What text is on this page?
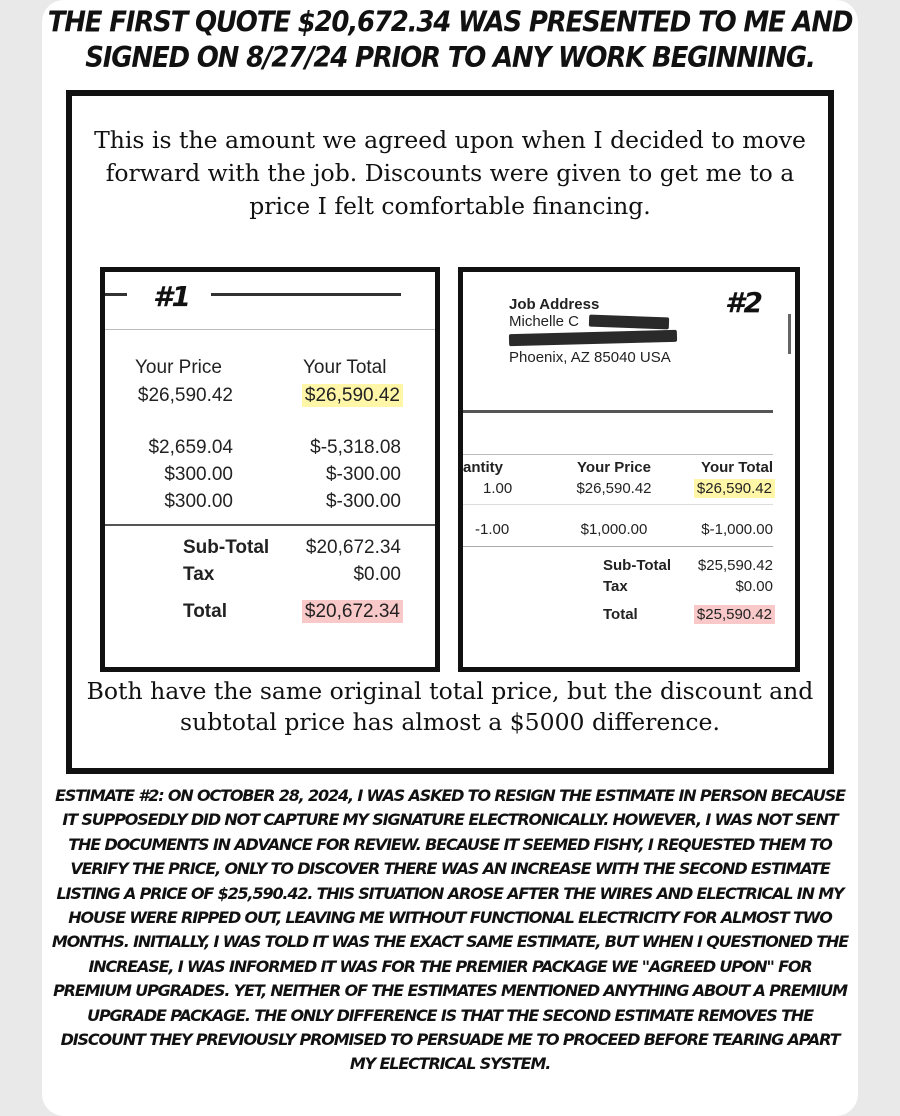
THE FIRST QUOTE $20,672.34 WAS PRESENTED TO ME AND SIGNED ON 8/27/24 PRIOR TO ANY WORK BEGINNING.
This is the amount we agreed upon when I decided to move forward with the job. Discounts were given to get me to a price I felt comfortable financing.
#1
Your Price	Your Total
$26,590.42	$26,590.42
$2,659.04	$-5,318.08
$300.00	$-300.00
$300.00	$-300.00
Sub-Total	$20,672.34
Tax	$0.00
Total	$20,672.34
Job Address
Michelle C
Phoenix, AZ 85040 USA
#2
antity	Your Price	Your Total
1.00	$26,590.42	$26,590.42
-1.00	$1,000.00	$-1,000.00
Sub-Total	$25,590.42
Tax	$0.00
Total	$25,590.42
Both have the same original total price, but the discount and subtotal price has almost a $5000 difference.
ESTIMATE #2: ON OCTOBER 28, 2024, I WAS ASKED TO RESIGN THE ESTIMATE IN PERSON BECAUSE IT SUPPOSEDLY DID NOT CAPTURE MY SIGNATURE ELECTRONICALLY. HOWEVER, I WAS NOT SENT THE DOCUMENTS IN ADVANCE FOR REVIEW. BECAUSE IT SEEMED FISHY, I REQUESTED THEM TO VERIFY THE PRICE, ONLY TO DISCOVER THERE WAS AN INCREASE WITH THE SECOND ESTIMATE LISTING A PRICE OF $25,590.42. THIS SITUATION AROSE AFTER THE WIRES AND ELECTRICAL IN MY HOUSE WERE RIPPED OUT, LEAVING ME WITHOUT FUNCTIONAL ELECTRICITY FOR ALMOST TWO MONTHS. INITIALLY, I WAS TOLD IT WAS THE EXACT SAME ESTIMATE, BUT WHEN I QUESTIONED THE INCREASE, I WAS INFORMED IT WAS FOR THE PREMIER PACKAGE WE "AGREED UPON" FOR PREMIUM UPGRADES. YET, NEITHER OF THE ESTIMATES MENTIONED ANYTHING ABOUT A PREMIUM UPGRADE PACKAGE. THE ONLY DIFFERENCE IS THAT THE SECOND ESTIMATE REMOVES THE DISCOUNT THEY PREVIOUSLY PROMISED TO PERSUADE ME TO PROCEED BEFORE TEARING APART MY ELECTRICAL SYSTEM.
